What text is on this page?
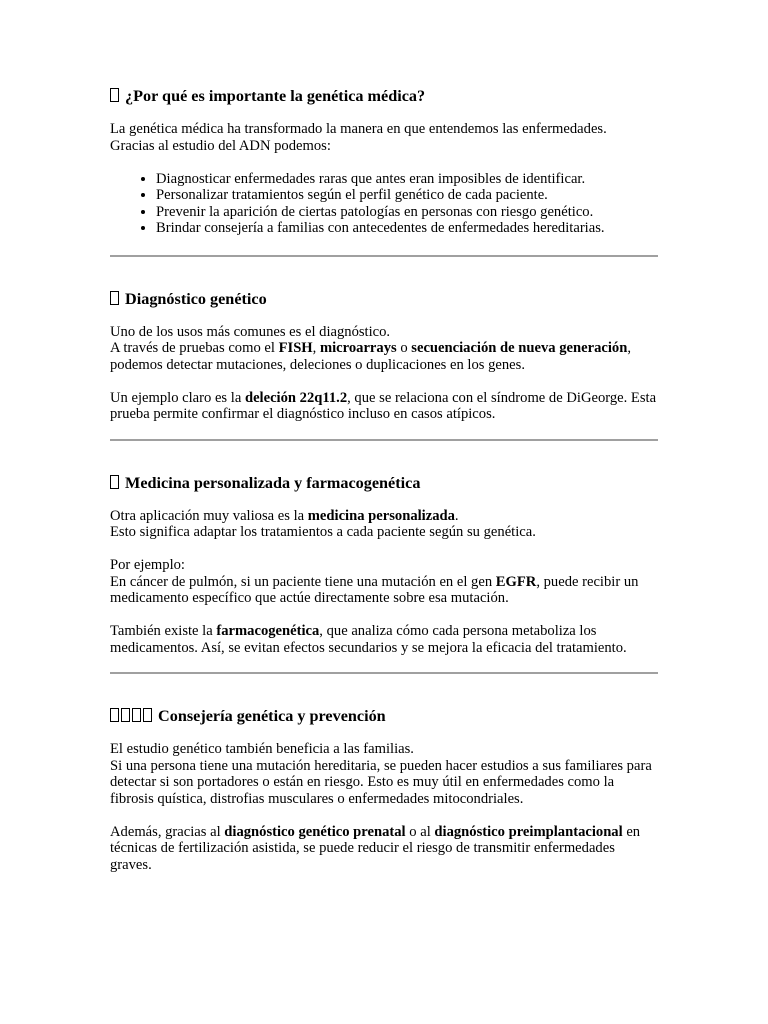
¿Por qué es importante la genética médica?

La genética médica ha transformado la manera en que entendemos las enfermedades.
Gracias al estudio del ADN podemos:

• Diagnosticar enfermedades raras que antes eran imposibles de identificar.
• Personalizar tratamientos según el perfil genético de cada paciente.
• Prevenir la aparición de ciertas patologías en personas con riesgo genético.
• Brindar consejería a familias con antecedentes de enfermedades hereditarias.
Diagnóstico genético

Uno de los usos más comunes es el diagnóstico.
A través de pruebas como el FISH, microarrays o secuenciación de nueva generación, podemos detectar mutaciones, deleciones o duplicaciones en los genes.

Un ejemplo claro es la deleción 22q11.2, que se relaciona con el síndrome de DiGeorge. Esta prueba permite confirmar el diagnóstico incluso en casos atípicos.

Medicina personalizada y farmacogenética

Otra aplicación muy valiosa es la medicina personalizada.
Esto significa adaptar los tratamientos a cada paciente según su genética.

Por ejemplo:
En cáncer de pulmón, si un paciente tiene una mutación en el gen EGFR, puede recibir un medicamento específico que actúe directamente sobre esa mutación.

También existe la farmacogenética, que analiza cómo cada persona metaboliza los medicamentos. Así, se evitan efectos secundarios y se mejora la eficacia del tratamiento.

Consejería genética y prevención

El estudio genético también beneficia a las familias.
Si una persona tiene una mutación hereditaria, se pueden hacer estudios a sus familiares para detectar si son portadores o están en riesgo. Esto es muy útil en enfermedades como la fibrosis quística, distrofias musculares o enfermedades mitocondriales.

Además, gracias al diagnóstico genético prenatal o al diagnóstico preimplantacional en técnicas de fertilización asistida, se puede reducir el riesgo de transmitir enfermedades graves.
